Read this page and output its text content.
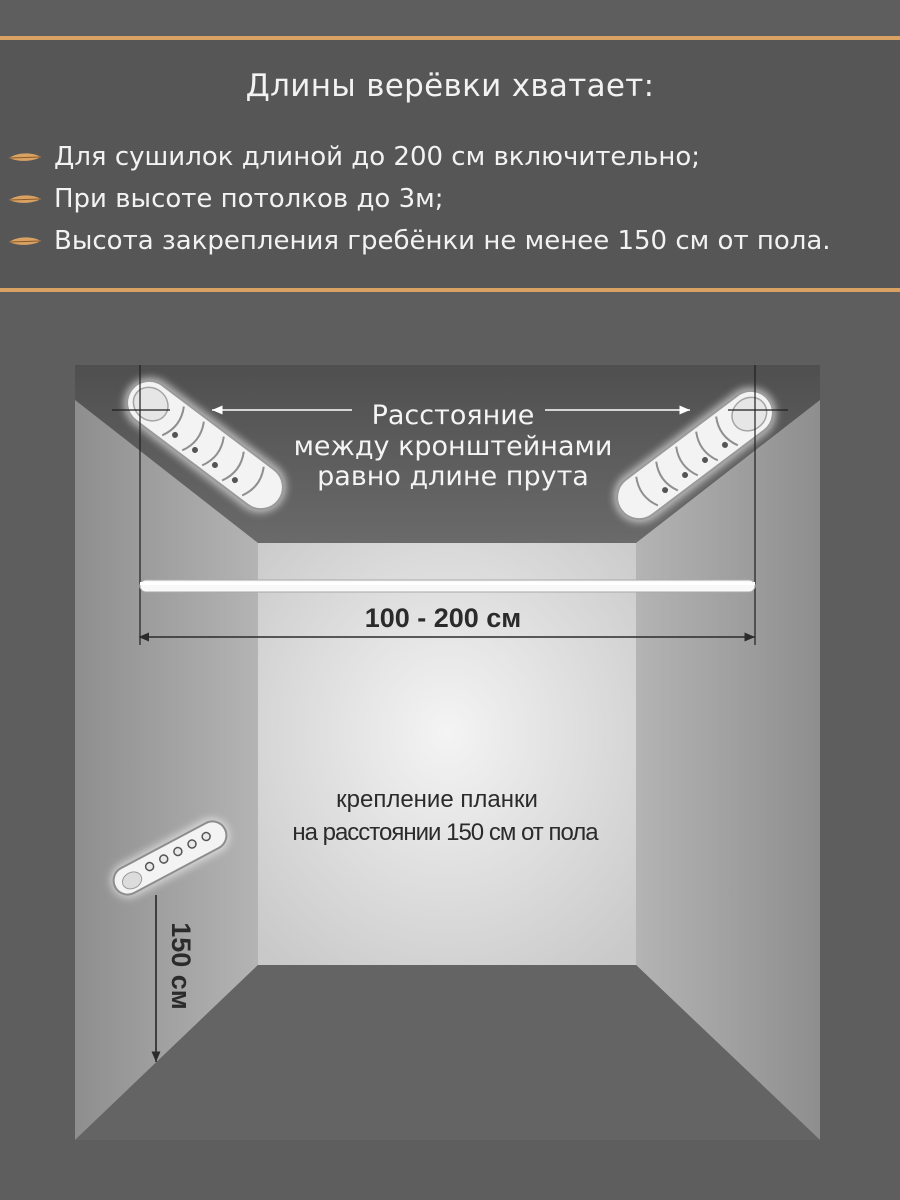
Длины верёвки хватает:
Для сушилок длиной до 200 см включительно;
При высоте потолков до 3м;
Высота закрепления гребёнки не менее 150 см от пола.
Расстояние
между кронштейнами
равно длине прута
100 - 200 см
крепление планки
на расстоянии 150 см от пола
150 см
